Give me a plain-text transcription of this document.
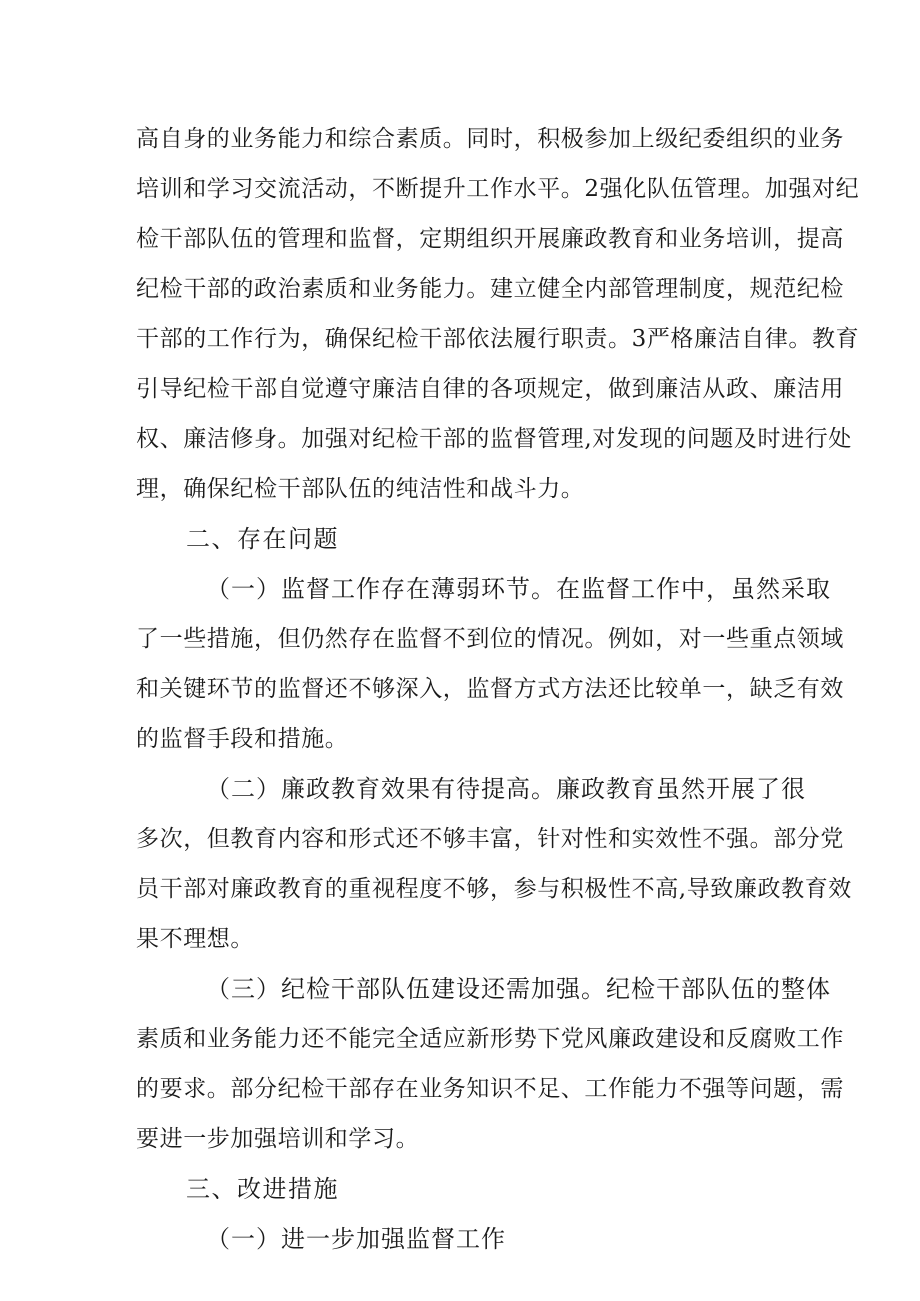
高自身的业务能力和综合素质。同时，积极参加上级纪委组织的业务
培训和学习交流活动，不断提升工作水平。2强化队伍管理。加强对纪
检干部队伍的管理和监督，定期组织开展廉政教育和业务培训，提高
纪检干部的政治素质和业务能力。建立健全内部管理制度，规范纪检
干部的工作行为，确保纪检干部依法履行职责。3严格廉洁自律。教育
引导纪检干部自觉遵守廉洁自律的各项规定，做到廉洁从政、廉洁用
权、廉洁修身。加强对纪检干部的监督管理,对发现的问题及时进行处
理，确保纪检干部队伍的纯洁性和战斗力。
二、存在问题
（一）监督工作存在薄弱环节。在监督工作中，虽然采取
了一些措施，但仍然存在监督不到位的情况。例如，对一些重点领域
和关键环节的监督还不够深入，监督方式方法还比较单一，缺乏有效
的监督手段和措施。
（二）廉政教育效果有待提高。廉政教育虽然开展了很
多次，但教育内容和形式还不够丰富，针对性和实效性不强。部分党
员干部对廉政教育的重视程度不够，参与积极性不高,导致廉政教育效
果不理想。
（三）纪检干部队伍建设还需加强。纪检干部队伍的整体
素质和业务能力还不能完全适应新形势下党风廉政建设和反腐败工作
的要求。部分纪检干部存在业务知识不足、工作能力不强等问题，需
要进一步加强培训和学习。
三、改进措施
（一）进一步加强监督工作
